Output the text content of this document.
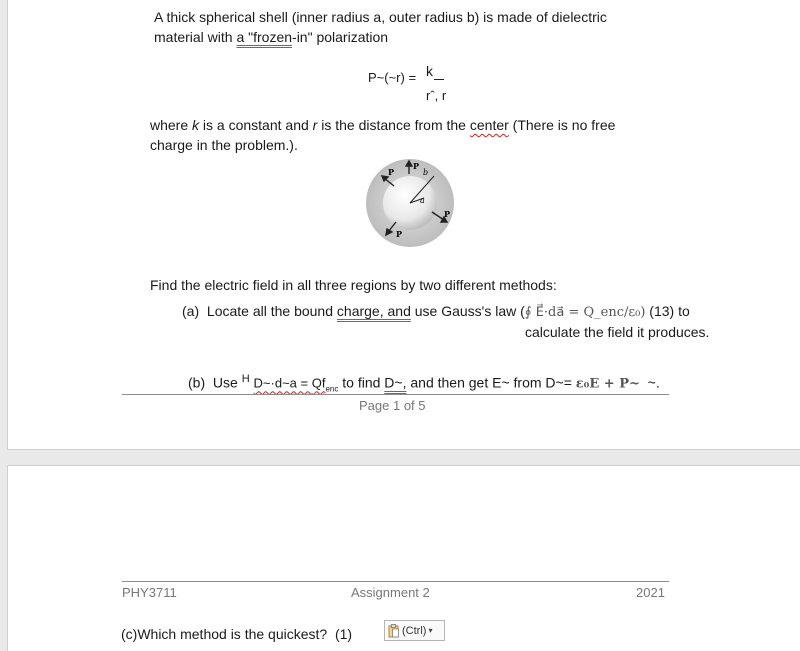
A thick spherical shell (inner radius a, outer radius b) is made of dielectric
material with a "frozen-in" polarization
P~(~r) = k
rˆ, r
where k is a constant and r is the distance from the center (There is no free
charge in the problem.).
P
P
b
a
P
P
Find the electric field in all three regions by two different methods:
(a) Locate all the bound charge, and use Gauss's law (∮ E⃗·da⃗ = Q_enc/ε₀) (13) to
calculate the field it produces.
(b) Use $^H$ D~·d~a = $Qf_{enc}$ to find D~, and then get E~ from D~= ε₀E + P~ ~.
Page 1 of 5
PHY3711	Assignment 2	2021
(c)Which method is the quickest? (1)	(Ctrl) ▾
